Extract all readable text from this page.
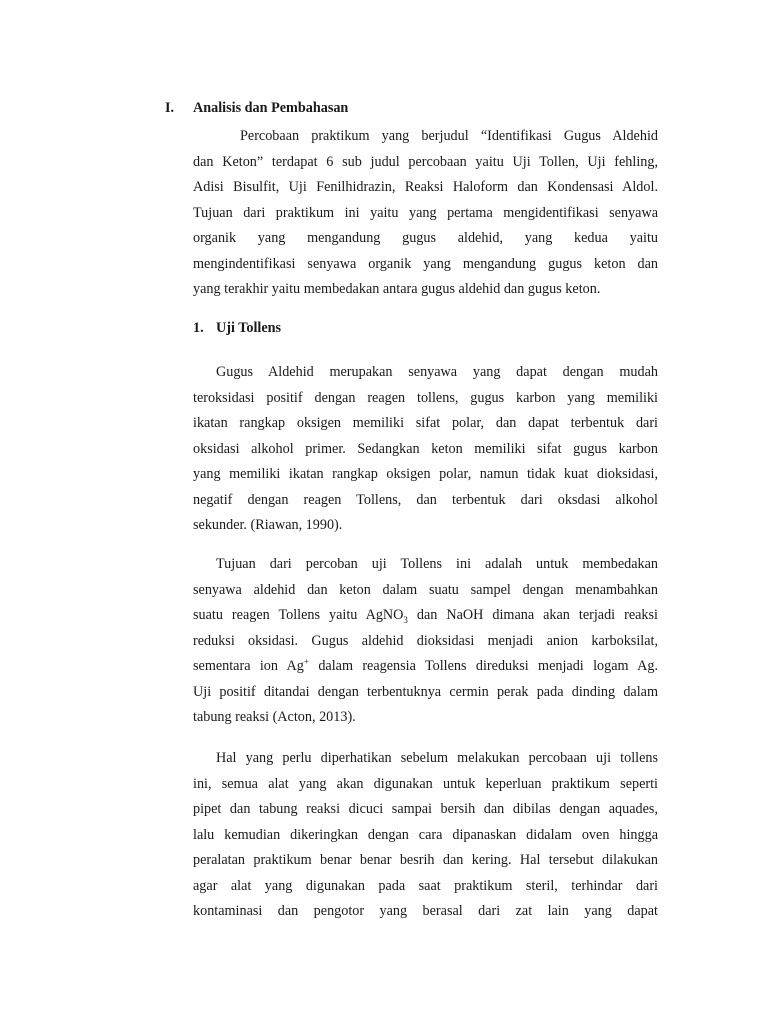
I. Analisis dan Pembahasan
Percobaan praktikum yang berjudul “Identifikasi Gugus Aldehid
dan Keton” terdapat 6 sub judul percobaan yaitu Uji Tollen, Uji fehling,
Adisi Bisulfit, Uji Fenilhidrazin, Reaksi Haloform dan Kondensasi Aldol.
Tujuan dari praktikum ini yaitu yang pertama mengidentifikasi senyawa
organik yang mengandung gugus aldehid, yang kedua yaitu
mengindentifikasi senyawa organik yang mengandung gugus keton dan
yang terakhir yaitu membedakan antara gugus aldehid dan gugus keton.
1. Uji Tollens
Gugus Aldehid merupakan senyawa yang dapat dengan mudah
teroksidasi positif dengan reagen tollens, gugus karbon yang memiliki
ikatan rangkap oksigen memiliki sifat polar, dan dapat terbentuk dari
oksidasi alkohol primer. Sedangkan keton memiliki sifat gugus karbon
yang memiliki ikatan rangkap oksigen polar, namun tidak kuat dioksidasi,
negatif dengan reagen Tollens, dan terbentuk dari oksdasi alkohol
sekunder. (Riawan, 1990).
Tujuan dari percoban uji Tollens ini adalah untuk membedakan
senyawa aldehid dan keton dalam suatu sampel dengan menambahkan
suatu reagen Tollens yaitu AgNO$_3$ dan NaOH dimana akan terjadi reaksi
reduksi oksidasi. Gugus aldehid dioksidasi menjadi anion karboksilat,
sementara ion Ag+ dalam reagensia Tollens direduksi menjadi logam Ag.
Uji positif ditandai dengan terbentuknya cermin perak pada dinding dalam
tabung reaksi (Acton, 2013).
Hal yang perlu diperhatikan sebelum melakukan percobaan uji tollens
ini, semua alat yang akan digunakan untuk keperluan praktikum seperti
pipet dan tabung reaksi dicuci sampai bersih dan dibilas dengan aquades,
lalu kemudian dikeringkan dengan cara dipanaskan didalam oven hingga
peralatan praktikum benar benar besrih dan kering. Hal tersebut dilakukan
agar alat yang digunakan pada saat praktikum steril, terhindar dari
kontaminasi dan pengotor yang berasal dari zat lain yang dapat
